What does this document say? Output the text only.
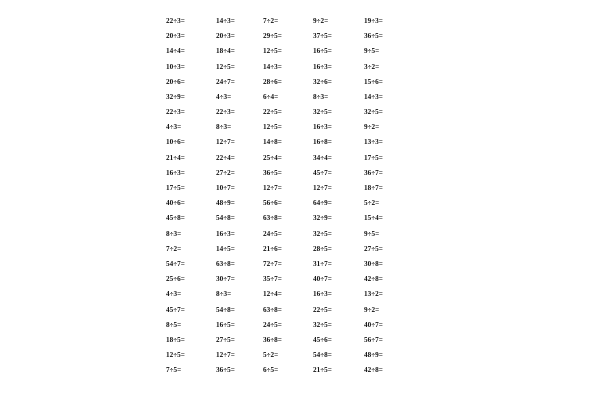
22÷3=	14÷3=	7÷2=	9÷2=	19÷3=
20÷3=	20÷3=	29÷5=	37÷5=	36÷5=
14÷4=	18÷4=	12÷5=	16÷5=	9÷5=
10÷3=	12÷5=	14÷3=	16÷3=	3÷2=
20÷6=	24÷7=	28÷6=	32÷6=	15÷6=
32÷9=	4÷3=	6÷4=	8÷3=	14÷3=
22÷3=	22÷3=	22÷5=	32÷5=	32÷5=
4÷3=	8÷3=	12÷5=	16÷3=	9÷2=
10÷6=	12÷7=	14÷8=	16÷8=	13÷3=
21÷4=	22÷4=	25÷4=	34÷4=	17÷5=
16÷3=	27÷2=	36÷5=	45÷7=	36÷7=
17÷5=	10÷7=	12÷7=	12÷7=	18÷7=
40÷6=	48÷9=	56÷6=	64÷9=	5÷2=
45÷8=	54÷8=	63÷8=	32÷9=	15÷4=
8÷3=	16÷3=	24÷5=	32÷5=	9÷5=
7÷2=	14÷5=	21÷6=	28÷5=	27÷5=
54÷7=	63÷8=	72÷7=	31÷7=	30÷8=
25÷6=	30÷7=	35÷7=	40÷7=	42÷8=
4÷3=	8÷3=	12÷4=	16÷3=	13÷2=
45÷7=	54÷8=	63÷8=	22÷5=	9÷2=
8÷5=	16÷5=	24÷5=	32÷5=	40÷7=
18÷5=	27÷5=	36÷8=	45÷6=	56÷7=
12÷5=	12÷7=	5÷2=	54÷8=	48÷9=
7÷5=	36÷5=	6÷5=	21÷5=	42÷8=
